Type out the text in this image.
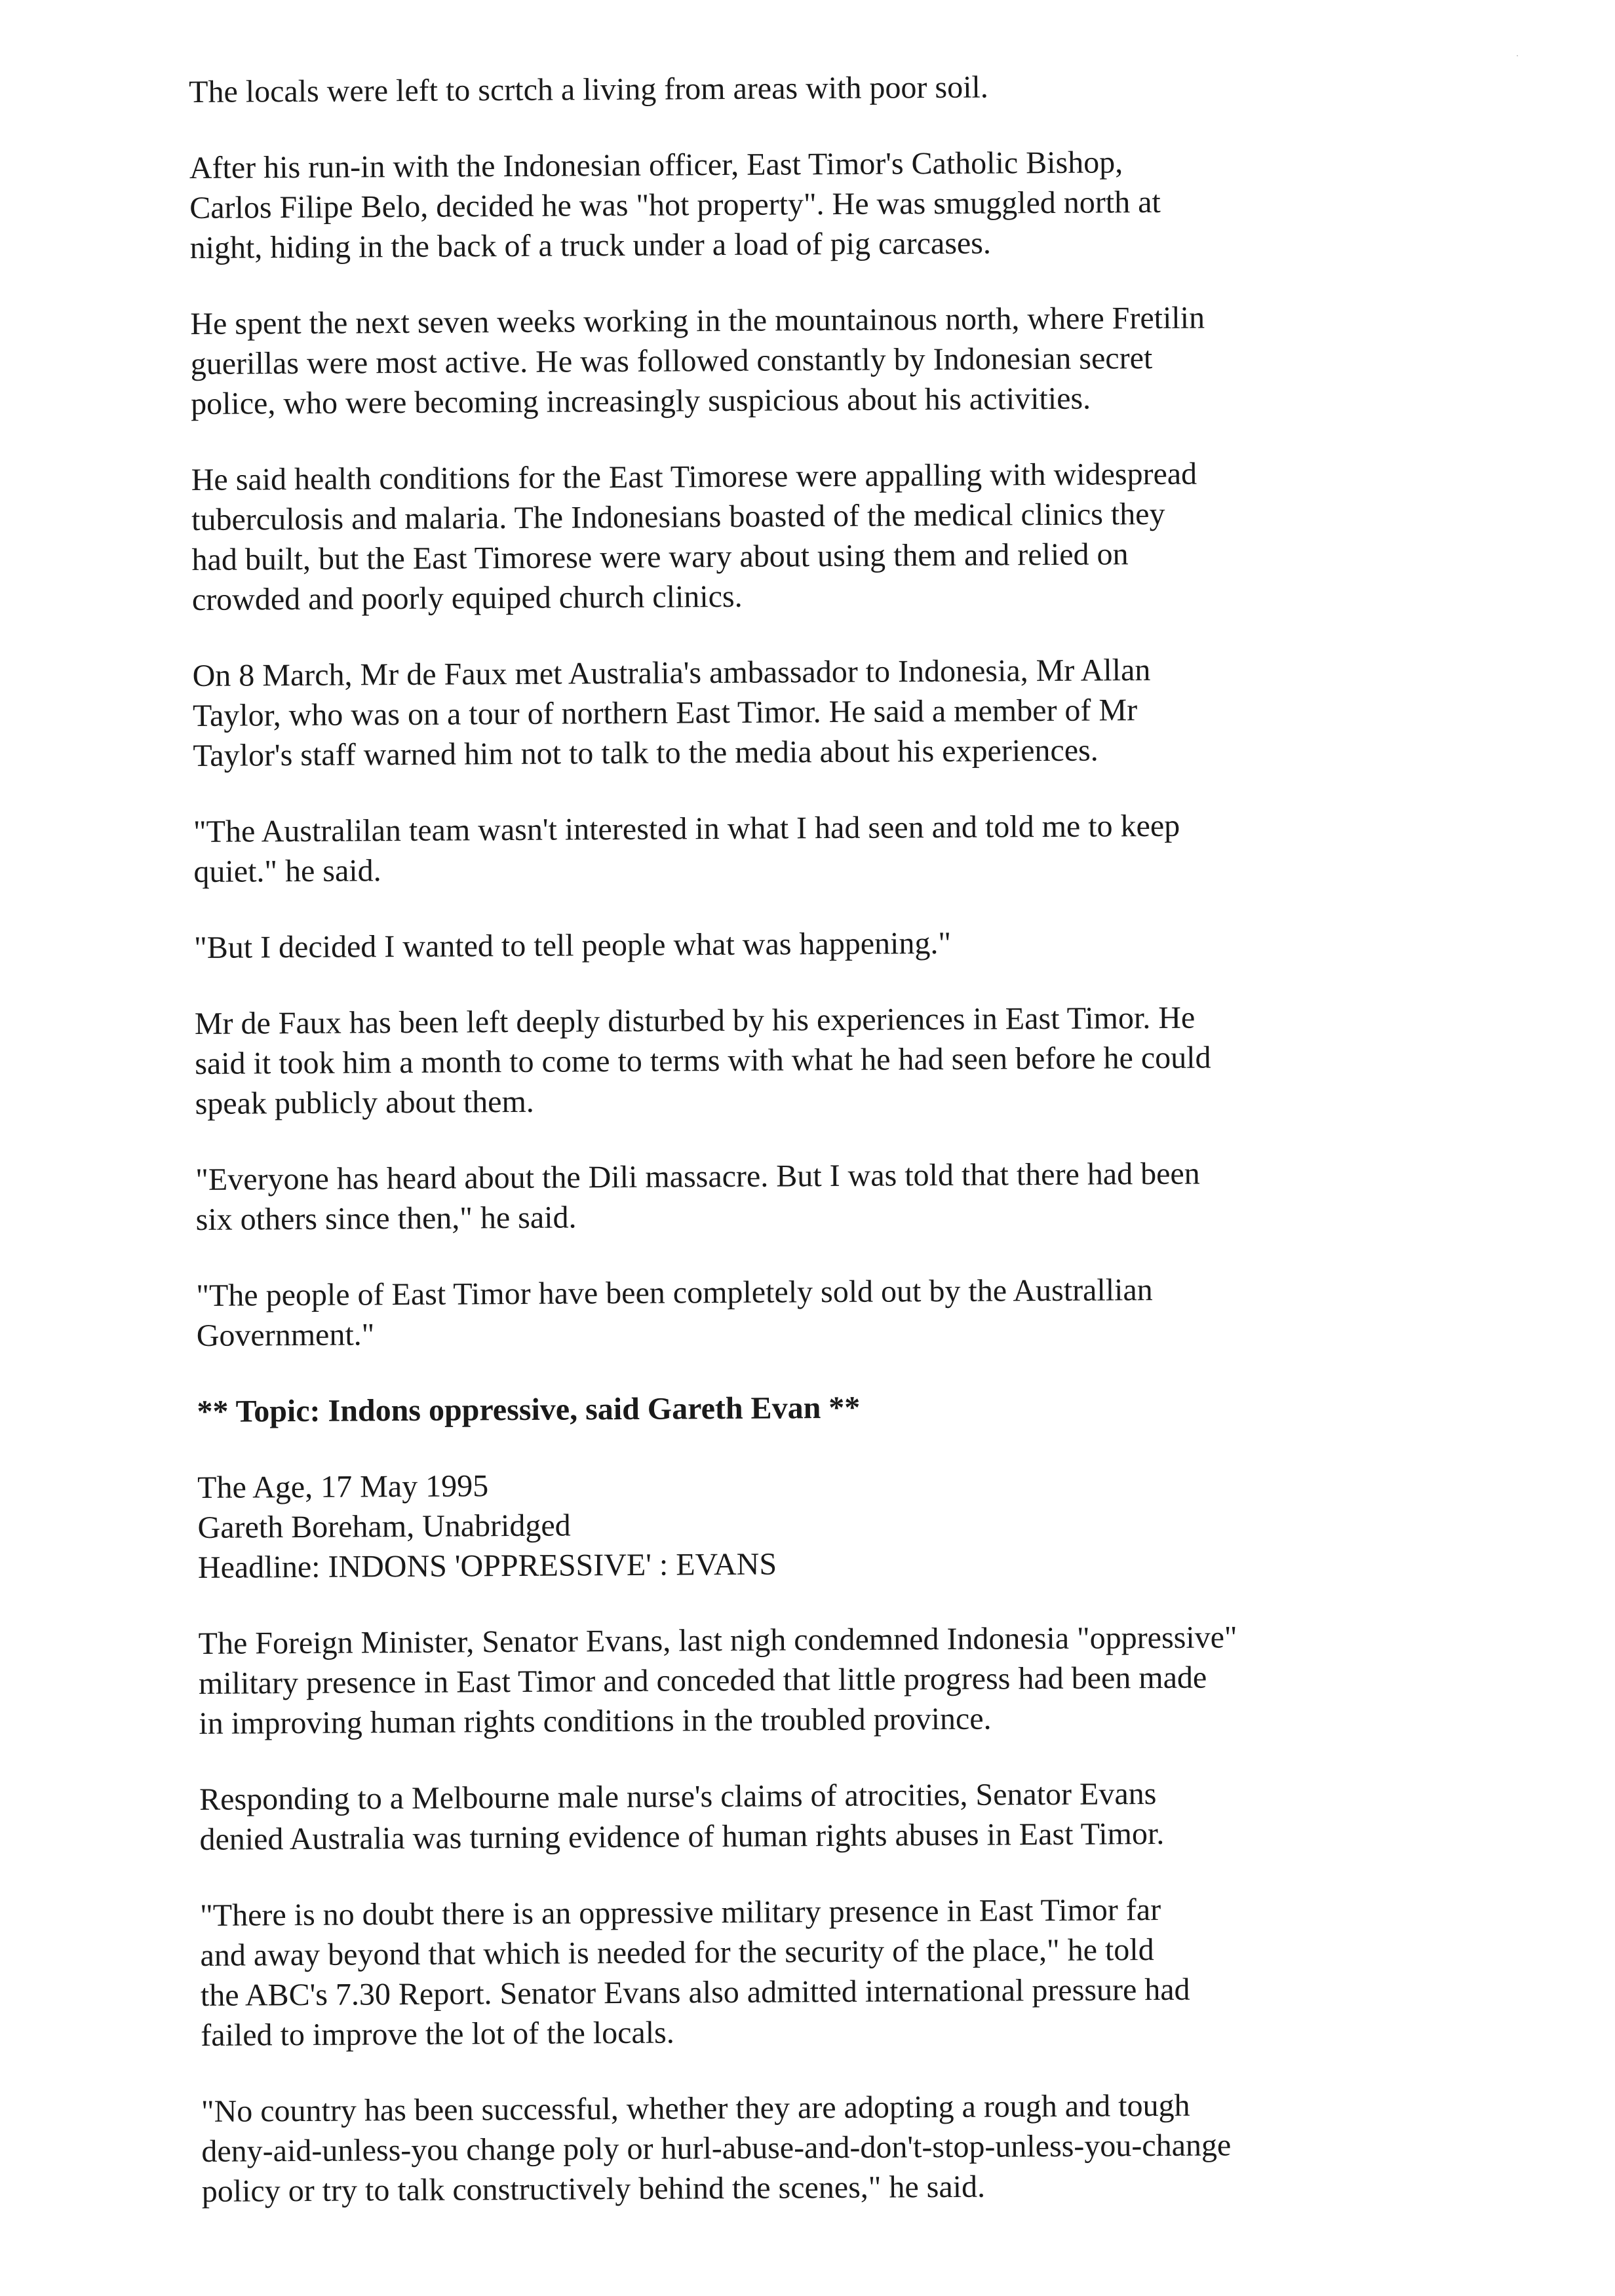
The locals were left to scrtch a living from areas with poor soil.

After his run-in with the Indonesian officer, East Timor's Catholic Bishop,
Carlos Filipe Belo, decided he was "hot property". He was smuggled north at
night, hiding in the back of a truck under a load of pig carcases.

He spent the next seven weeks working in the mountainous north, where Fretilin
guerillas were most active. He was followed constantly by Indonesian secret
police, who were becoming increasingly suspicious about his activities.

He said health conditions for the East Timorese were appalling with widespread
tuberculosis and malaria. The Indonesians boasted of the medical clinics they
had built, but the East Timorese were wary about using them and relied on
crowded and poorly equiped church clinics.

On 8 March, Mr de Faux met Australia's ambassador to Indonesia, Mr Allan
Taylor, who was on a tour of northern East Timor. He said a member of Mr
Taylor's staff warned him not to talk to the media about his experiences.

"The Australilan team wasn't interested in what I had seen and told me to keep
quiet." he said.

"But I decided I wanted to tell people what was happening."

Mr de Faux has been left deeply disturbed by his experiences in East Timor. He
said it took him a month to come to terms with what he had seen before he could
speak publicly about them.

"Everyone has heard about the Dili massacre. But I was told that there had been
six others since then," he said.

"The people of East Timor have been completely sold out by the Australlian
Government."

** Topic: Indons oppressive, said Gareth Evan **

The Age, 17 May 1995
Gareth Boreham, Unabridged
Headline: INDONS 'OPPRESSIVE' : EVANS

The Foreign Minister, Senator Evans, last nigh condemned Indonesia "oppressive"
military presence in East Timor and conceded that little progress had been made
in improving human rights conditions in the troubled province.

Responding to a Melbourne male nurse's claims of atrocities, Senator Evans
denied Australia was turning evidence of human rights abuses in East Timor.

"There is no doubt there is an oppressive military presence in East Timor far
and away beyond that which is needed for the security of the place," he told
the ABC's 7.30 Report. Senator Evans also admitted international pressure had
failed to improve the lot of the locals.

"No country has been successful, whether they are adopting a rough and tough
deny-aid-unless-you change poly or hurl-abuse-and-don't-stop-unless-you-change
policy or try to talk constructively behind the scenes," he said.
